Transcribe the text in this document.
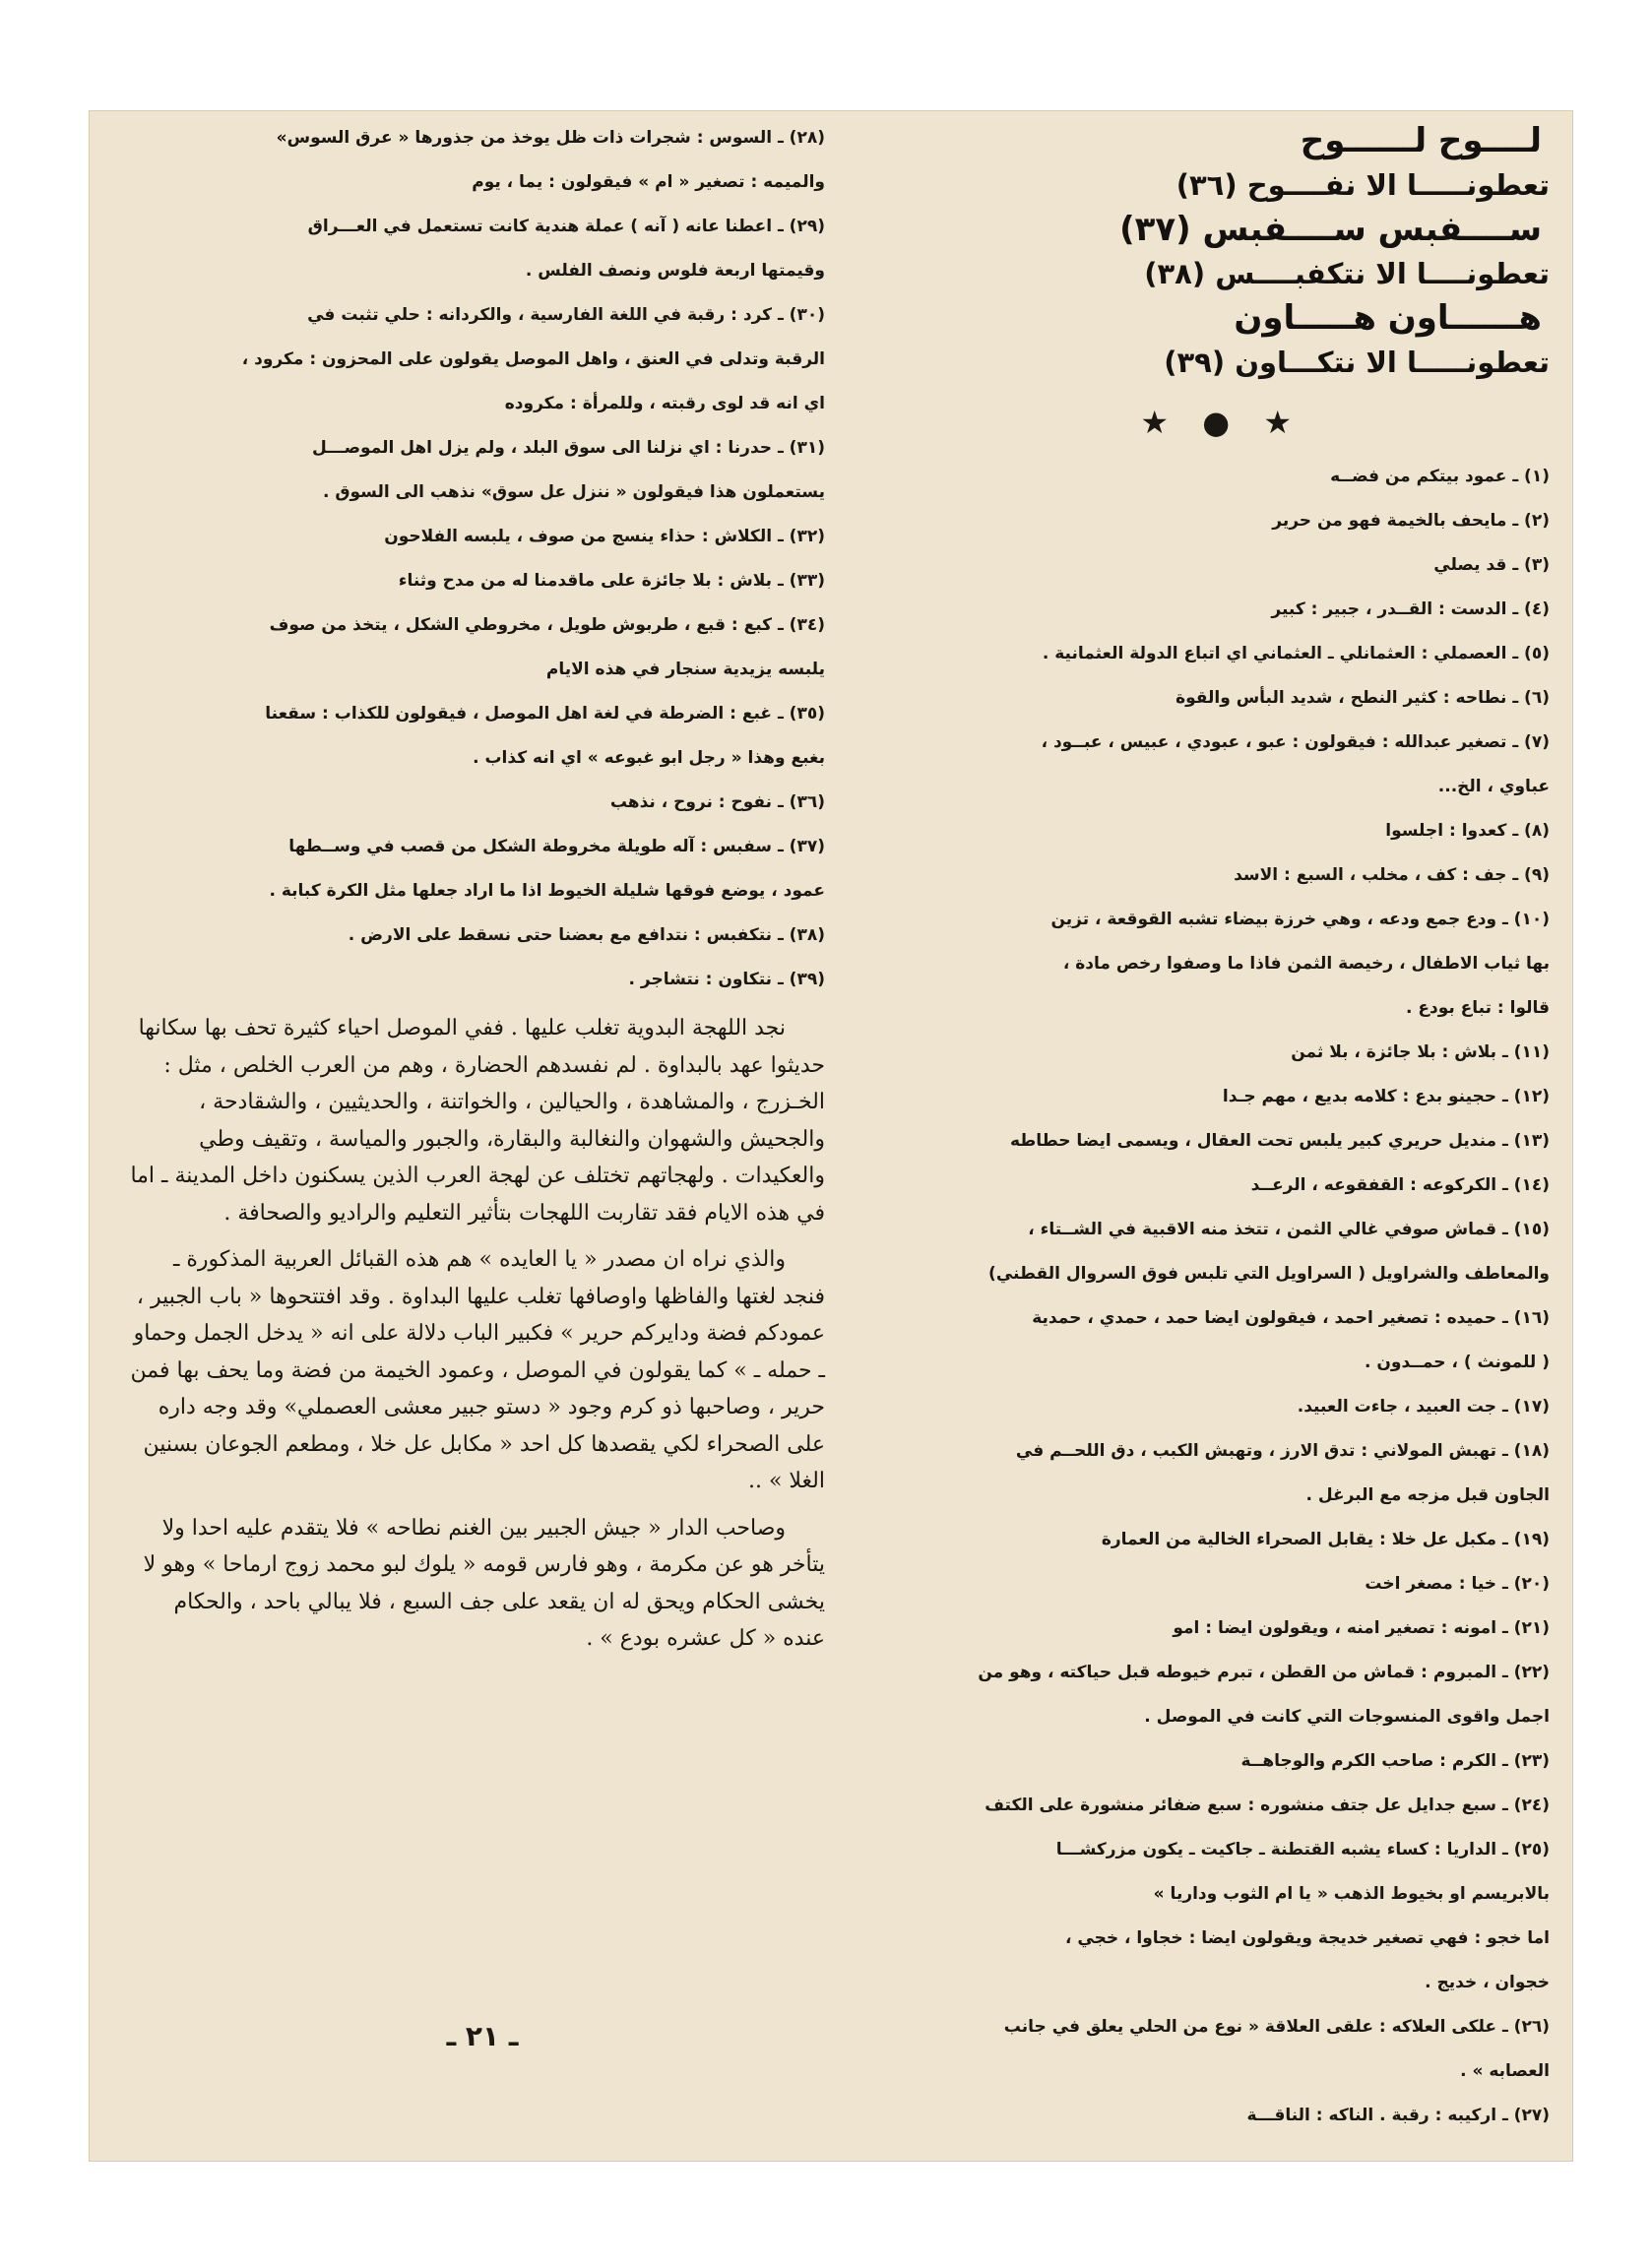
لــــوح لــــــوح
تعطونـــــا الا نفــــوح (٣٦)
ســــفبس ســــفبس (٣٧)
تعطونــــا الا نتكفبــــس (٣٨)
هــــــاون هـــــاون
تعطونـــــا الا نتكـــاون (٣٩)
★ ● ★
(١) ـ عمود بيتكم من فضــه
(٢) ـ مايحف بالخيمة فهو من حرير
(٣) ـ قد يصلي
(٤) ـ الدست : القــدر ، جبير : كبير
(٥) ـ العصملي : العثمانلي ـ العثماني اي اتباع الدولة العثمانية .
(٦) ـ نطاحه : كثير النطح ، شديد البأس والقوة
(٧) ـ تصغير عبدالله : فيقولون : عبو ، عبودي ، عبيس ، عبــود ،
عباوي ، الخ...
(٨) ـ كعدوا : اجلسوا
(٩) ـ جف : كف ، مخلب ، السبع : الاسد
(١٠) ـ ودع جمع ودعه ، وهي خرزة بيضاء تشبه القوقعة ، تزين
بها ثياب الاطفال ، رخيصة الثمن فاذا ما وصفوا رخص مادة ،
قالوا : تباع بودع .
(١١) ـ بلاش : بلا جائزة ، بلا ثمن
(١٢) ـ حجينو بدع : كلامه بديع ، مهم جـدا
(١٣) ـ منديل حريري كبير يلبس تحت العقال ، ويسمى ايضا حطاطه
(١٤) ـ الكركوعه : القفقوعه ، الرعــد
(١٥) ـ قماش صوفي غالي الثمن ، تتخذ منه الاقبية في الشــتاء ،
والمعاطف والشراويل ( السراويل التي تلبس فوق السروال القطني)
(١٦) ـ حميده : تصغير احمد ، فيقولون ايضا حمد ، حمدي ، حمدية
( للمونث ) ، حمــدون .
(١٧) ـ جت العبيد ، جاءت العبيد.
(١٨) ـ تهبش المولاني : تدق الارز ، وتهبش الكبب ، دق اللحــم في
الجاون قبل مزجه مع البرغل .
(١٩) ـ مكبل عل خلا : يقابل الصحراء الخالية من العمارة
(٢٠) ـ خيا : مصغر اخت
(٢١) ـ امونه : تصغير امنه ، ويقولون ايضا : امو
(٢٢) ـ المبروم : قماش من القطن ، تبرم خيوطه قبل حياكته ، وهو من
اجمل واقوى المنسوجات التي كانت في الموصل .
(٢٣) ـ الكرم : صاحب الكرم والوجاهــة
(٢٤) ـ سبع جدايل عل جتف منشوره : سبع ضفائر منشورة على الكتف
(٢٥) ـ الداريا : كساء يشبه القتطنة ـ جاكيت ـ يكون مزركشـــا
بالابريسم او بخيوط الذهب « يا ام الثوب وداريا »
اما خجو : فهي تصغير خديجة ويقولون ايضا : خجاوا ، خجي ،
خجوان ، خديج .
(٢٦) ـ علكى العلاكه : علقى العلاقة « نوع من الحلي يعلق في جانب
العصابه » .
(٢٧) ـ اركيبه : رقبة . الناكه : الناقـــة
(٢٨) ـ السوس : شجرات ذات ظل يوخذ من جذورها « عرق السوس»
والميمه : تصغير « ام » فيقولون : يما ، يوم
(٢٩) ـ اعطنا عانه ( آنه ) عملة هندية كانت تستعمل في العـــراق
وقيمتها اربعة فلوس ونصف الفلس .
(٣٠) ـ كرد : رقبة في اللغة الفارسية ، والكردانه : حلي تثبت في
الرقبة وتدلى في العنق ، واهل الموصل يقولون على المحزون : مكرود ،
اي انه قد لوى رقبته ، وللمرأة : مكروده
(٣١) ـ حدرنا : اي نزلنا الى سوق البلد ، ولم يزل اهل الموصـــل
يستعملون هذا فيقولون « ننزل عل سوق» نذهب الى السوق .
(٣٢) ـ الكلاش : حذاء ينسج من صوف ، يلبسه الفلاحون
(٣٣) ـ بلاش : بلا جائزة على ماقدمنا له من مدح وثناء
(٣٤) ـ كبع : قبع ، طربوش طويل ، مخروطي الشكل ، يتخذ من صوف
يلبسه يزيدية سنجار في هذه الايام
(٣٥) ـ غبع : الضرطة في لغة اهل الموصل ، فيقولون للكذاب : سقعنا
بغبع وهذا « رجل ابو غبوعه » اي انه كذاب .
(٣٦) ـ نفوح : نروح ، نذهب
(٣٧) ـ سفبس : آله طويلة مخروطة الشكل من قصب في وســطها
عمود ، يوضع فوقها شليلة الخيوط اذا ما اراد جعلها مثل الكرة كبابة .
(٣٨) ـ نتكفبس : نتدافع مع بعضنا حتى نسقط على الارض .
(٣٩) ـ نتكاون : نتشاجر .

نجد اللهجة البدوية تغلب عليها . ففي الموصل احياء كثيرة تحف بها سكانها حديثوا عهد بالبداوة . لم نفسدهم الحضارة ، وهم من العرب الخلص ، مثل : الخـزرج ، والمشاهدة ، والحيالين ، والخواتنة ، والحديثيين ، والشقادحة ، والجحيش والشهوان والنغالبة والبقارة، والجبور والمياسة ، وتقيف وطي والعكيدات . ولهجاتهم تختلف عن لهجة العرب الذين يسكنون داخل المدينة ـ اما في هذه الايام فقد تقاربت اللهجات بتأثير التعليم والراديو والصحافة .

والذي نراه ان مصدر « يا العايده » هم هذه القبائل العربية المذكورة ـ فنجد لغتها والفاظها واوصافها تغلب عليها البداوة . وقد افتتحوها « باب الجبير ، عمودكم فضة ودايركم حرير » فكبير الباب دلالة على انه « يدخل الجمل وحماو ـ حمله ـ » كما يقولون في الموصل ، وعمود الخيمة من فضة وما يحف بها فمن حرير ، وصاحبها ذو كرم وجود « دستو جبير معشى العصملي» وقد وجه داره على الصحراء لكي يقصدها كل احد « مكابل عل خلا ، ومطعم الجوعان بسنين الغلا » ..

وصاحب الدار « جيش الجبير بين الغنم نطاحه » فلا يتقدم عليه احدا ولا يتأخر هو عن مكرمة ، وهو فارس قومه « يلوك لبو محمد زوج ارماحا » وهو لا يخشى الحكام ويحق له ان يقعد على جف السبع ، فلا يبالي باحد ، والحكام عنده « كل عشره بودع » .

ـ ٢١ ـ
